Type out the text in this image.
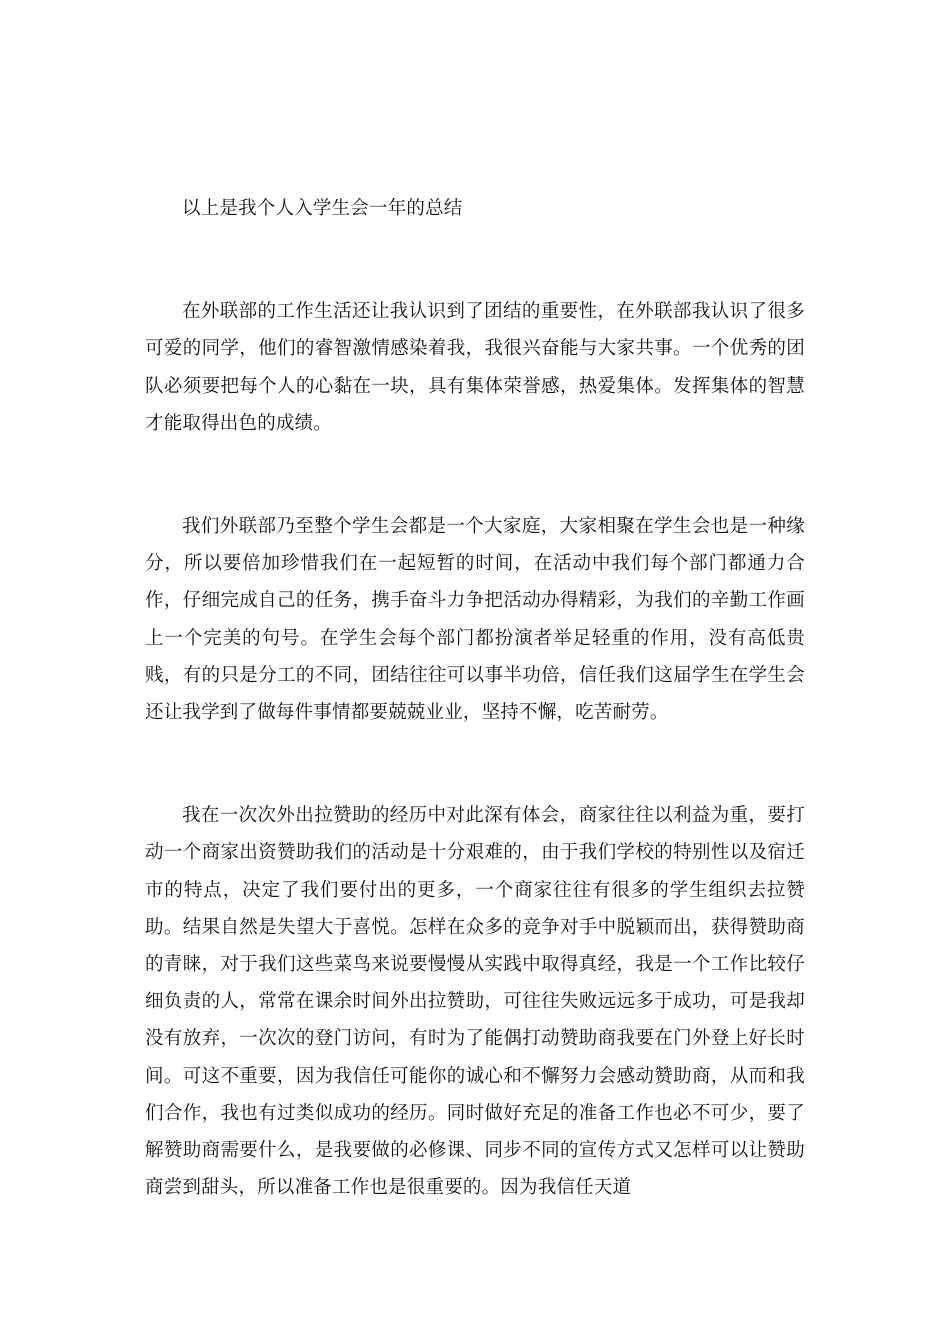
以上是我个人入学生会一年的总结

在外联部的工作生活还让我认识到了团结的重要性，在外联部我认识了很多可爱的同学，他们的睿智激情感染着我，我很兴奋能与大家共事。一个优秀的团队必须要把每个人的心黏在一块，具有集体荣誉感，热爱集体。发挥集体的智慧才能取得出色的成绩。

我们外联部乃至整个学生会都是一个大家庭，大家相聚在学生会也是一种缘分，所以要倍加珍惜我们在一起短暂的时间，在活动中我们每个部门都通力合作，仔细完成自己的任务，携手奋斗力争把活动办得精彩，为我们的辛勤工作画上一个完美的句号。在学生会每个部门都扮演者举足轻重的作用，没有高低贵贱，有的只是分工的不同，团结往往可以事半功倍，信任我们这届学生在学生会还让我学到了做每件事情都要兢兢业业，坚持不懈，吃苦耐劳。

我在一次次外出拉赞助的经历中对此深有体会，商家往往以利益为重，要打动一个商家出资赞助我们的活动是十分艰难的，由于我们学校的特别性以及宿迁市的特点，决定了我们要付出的更多，一个商家往往有很多的学生组织去拉赞助。结果自然是失望大于喜悦。怎样在众多的竞争对手中脱颖而出，获得赞助商的青睐，对于我们这些菜鸟来说要慢慢从实践中取得真经，我是一个工作比较仔细负责的人，常常在课余时间外出拉赞助，可往往失败远远多于成功，可是我却没有放弃，一次次的登门访问，有时为了能偶打动赞助商我要在门外登上好长时间。可这不重要，因为我信任可能你的诚心和不懈努力会感动赞助商，从而和我们合作，我也有过类似成功的经历。同时做好充足的准备工作也必不可少，要了解赞助商需要什么，是我要做的必修课、同步不同的宣传方式又怎样可以让赞助商尝到甜头，所以准备工作也是很重要的。因为我信任天道
